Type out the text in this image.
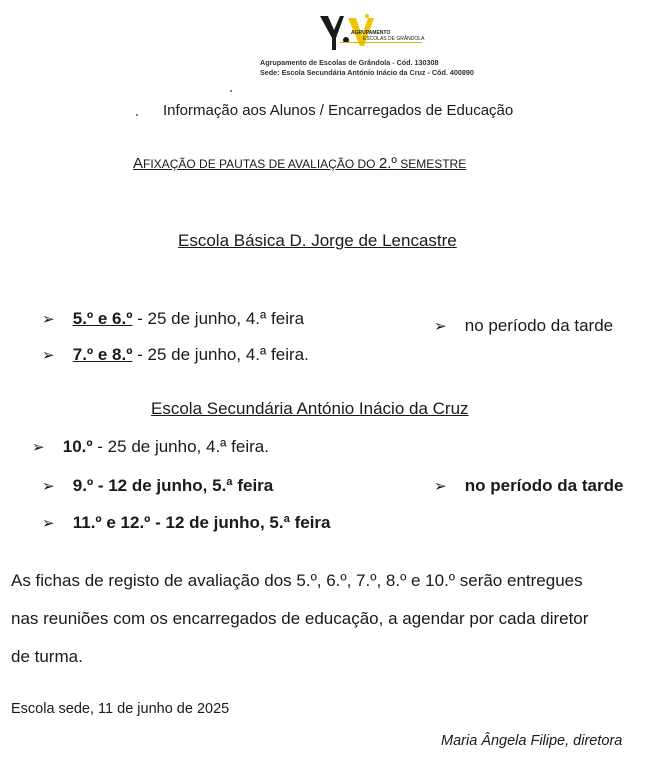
AGRUPAMENTO
ESCOLAS DE GRÂNDOLA
Agrupamento de Escolas de Grândola - Cód. 130308
Sede: Escola Secundária António Inácio da Cruz - Cód. 400890
Informação aos Alunos / Encarregados de Educação
AFIXAÇÃO DE PAUTAS DE AVALIAÇÃO DO 2.º SEMESTRE
Escola Básica D. Jorge de Lencastre
➢ 5.º e 6.º - 25 de junho, 4.ª feira
➢ 7.º e 8.º - 25 de junho, 4.ª feira.
➢ no período da tarde
Escola Secundária António Inácio da Cruz
➢ 10.º - 25 de junho, 4.ª feira.
➢ 9.º - 12 de junho, 5.ª feira
➢ 11.º e 12.º - 12 de junho, 5.ª feira
➢ no período da tarde
As fichas de registo de avaliação dos 5.º, 6.º, 7.º, 8.º e 10.º serão entregues
nas reuniões com os encarregados de educação, a agendar por cada diretor
de turma.
Escola sede, 11 de junho de 2025
Maria Ângela Filipe, diretora
